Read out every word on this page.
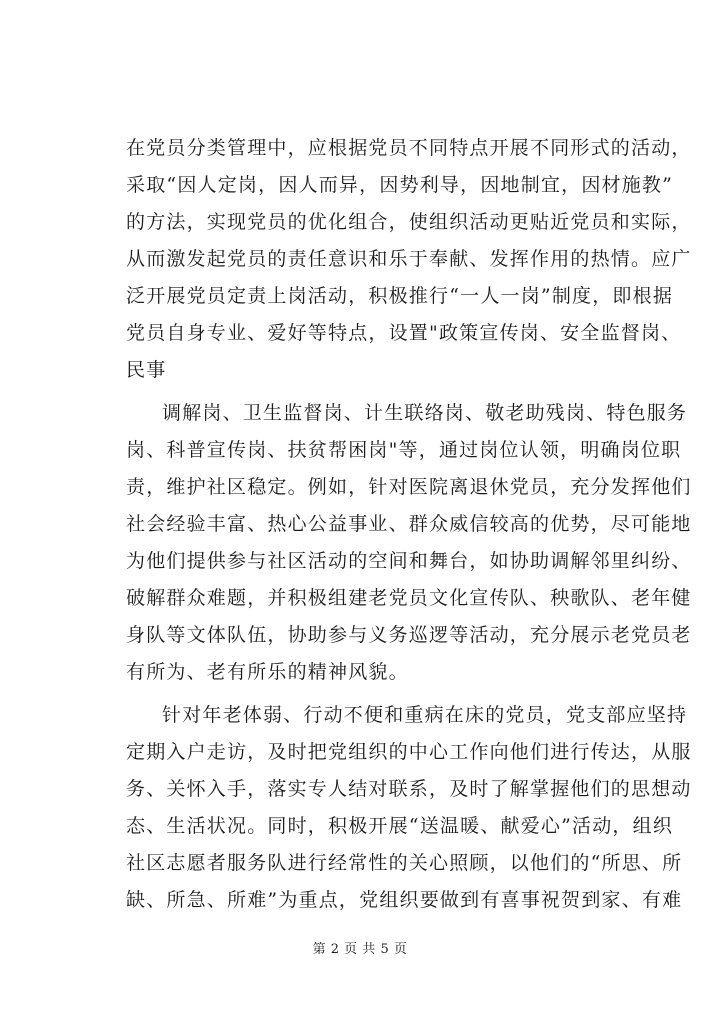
在党员分类管理中，应根据党员不同特点开展不同形式的活动，
采取“因人定岗，因人而异，因势利导，因地制宜，因材施教”
的方法，实现党员的优化组合，使组织活动更贴近党员和实际，
从而激发起党员的责任意识和乐于奉献、发挥作用的热情。应广
泛开展党员定责上岗活动，积极推行“一人一岗”制度，即根据
党员自身专业、爱好等特点，设置"政策宣传岗、安全监督岗、
民事
调解岗、卫生监督岗、计生联络岗、敬老助残岗、特色服务
岗、科普宣传岗、扶贫帮困岗"等，通过岗位认领，明确岗位职
责，维护社区稳定。例如，针对医院离退休党员，充分发挥他们
社会经验丰富、热心公益事业、群众威信较高的优势，尽可能地
为他们提供参与社区活动的空间和舞台，如协助调解邻里纠纷、
破解群众难题，并积极组建老党员文化宣传队、秧歌队、老年健
身队等文体队伍，协助参与义务巡逻等活动，充分展示老党员老
有所为、老有所乐的精神风貌。
针对年老体弱、行动不便和重病在床的党员，党支部应坚持
定期入户走访，及时把党组织的中心工作向他们进行传达，从服
务、关怀入手，落实专人结对联系，及时了解掌握他们的思想动
态、生活状况。同时，积极开展“送温暖、献爱心”活动，组织
社区志愿者服务队进行经常性的关心照顾，以他们的“所思、所
缺、所急、所难”为重点，党组织要做到有喜事祝贺到家、有难
第 2 页 共 5 页
